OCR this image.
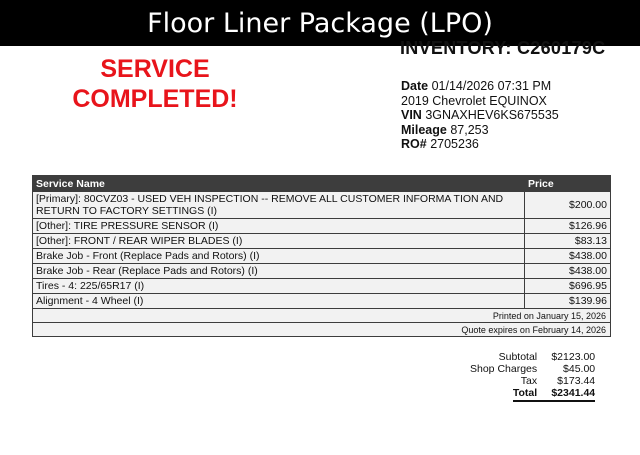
Floor Liner Package (LPO)
INVENTORY: C260179C
SERVICE
COMPLETED!	Date 01/14/2026 07:31 PM
2019 Chevrolet EQUINOX
VIN 3GNAXHEV6KS675535
Mileage 87,253
RO# 2705236
Service Name	Price
[Primary]: 80CVZ03 - USED VEH INSPECTION -- REMOVE ALL CUSTOMER INFORMA TION AND RETURN TO FACTORY SETTINGS (I)	$200.00
[Other]: TIRE PRESSURE SENSOR (I)	$126.96
[Other]: FRONT / REAR WIPER BLADES (I)	$83.13
Brake Job - Front (Replace Pads and Rotors) (I)	$438.00
Brake Job - Rear (Replace Pads and Rotors) (I)	$438.00
Tires - 4: 225/65R17 (I)	$696.95
Alignment - 4 Wheel (I)	$139.96
Printed on January 15, 2026	
Quote expires on February 14, 2026	
Subtotal	$2123.00
Shop Charges	$45.00
Tax	$173.44
Total	$2341.44
